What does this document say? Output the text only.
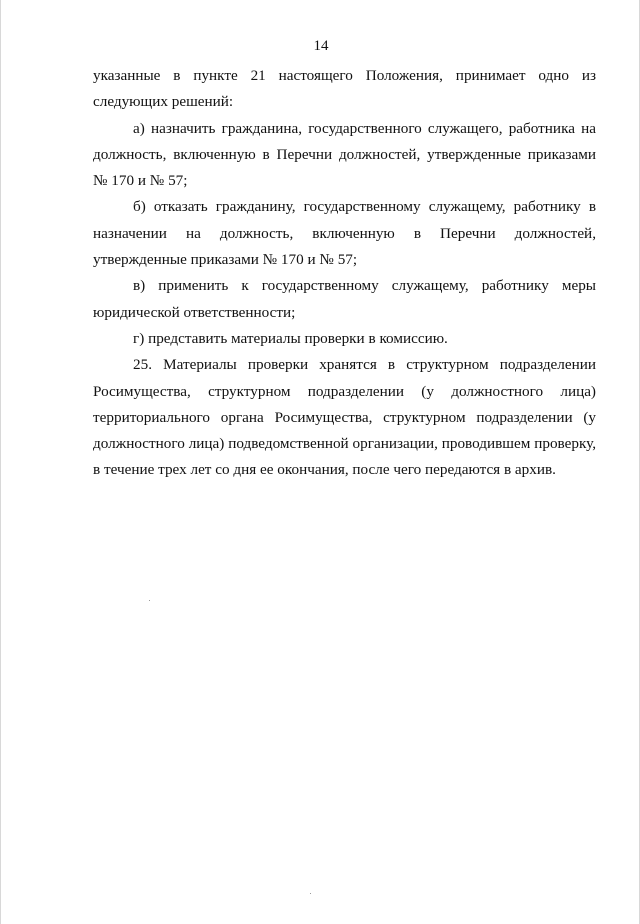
14

указанные в пункте 21 настоящего Положения, принимает одно из следующих решений:

а) назначить гражданина, государственного служащего, работника на должность, включенную в Перечни должностей, утвержденные приказами № 170 и № 57;

б) отказать гражданину, государственному служащему, работнику в назначении на должность, включенную в Перечни должностей, утвержденные приказами № 170 и № 57;

в) применить к государственному служащему, работнику меры юридической ответственности;

г) представить материалы проверки в комиссию.

25. Материалы проверки хранятся в структурном подразделении Росимущества, структурном подразделении (у должностного лица) территориального органа Росимущества, структурном подразделении (у должностного лица) подведомственной организации, проводившем проверку, в течение трех лет со дня ее окончания, после чего передаются в архив.
